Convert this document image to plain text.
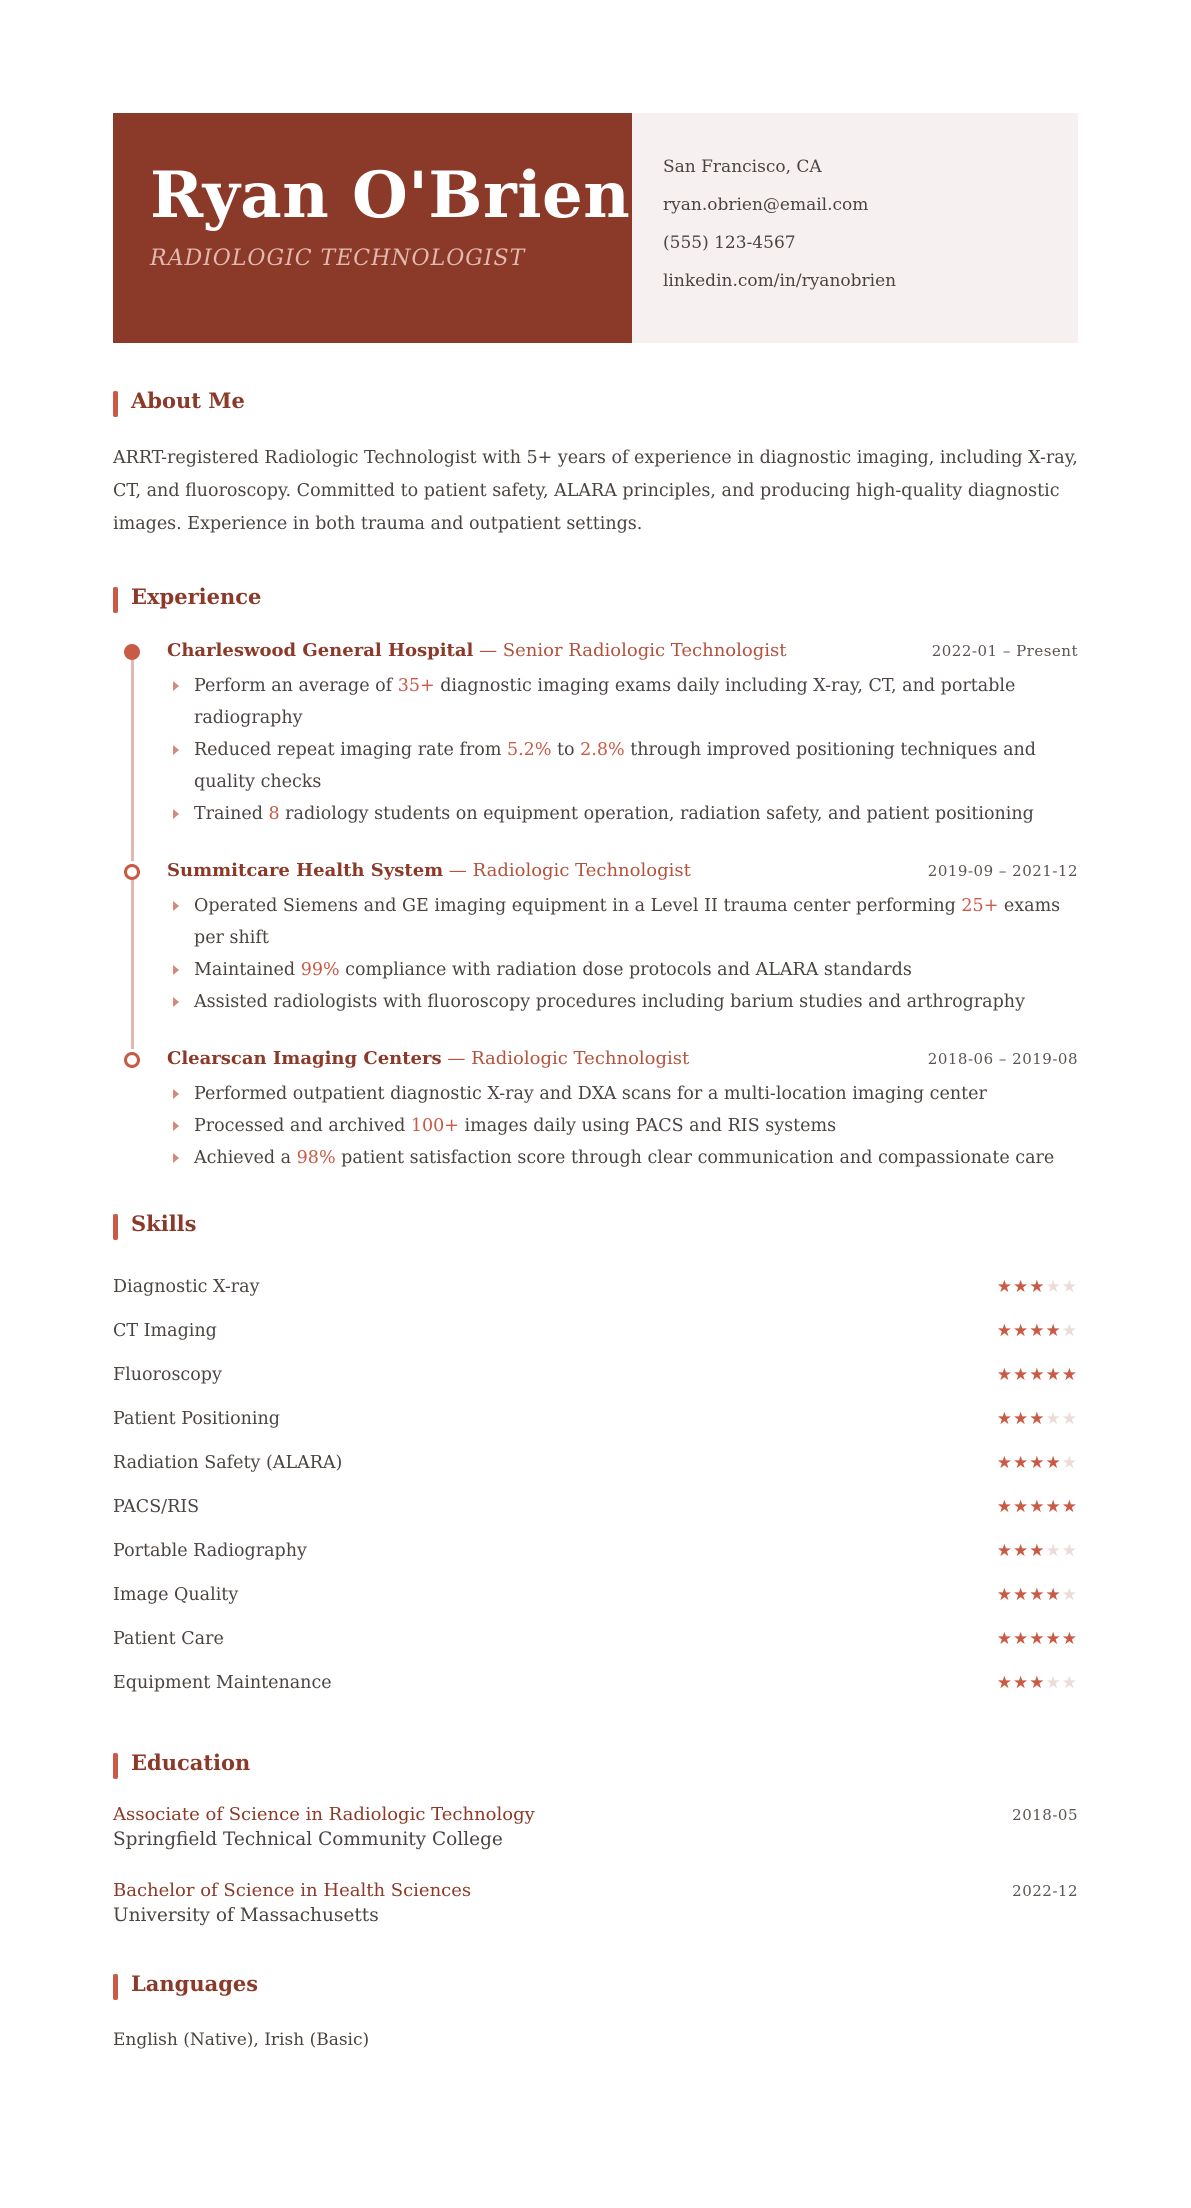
Ryan O'Brien
RADIOLOGIC TECHNOLOGIST
San Francisco, CA
ryan.obrien@email.com
(555) 123-4567
linkedin.com/in/ryanobrien
About Me
ARRT-registered Radiologic Technologist with 5+ years of experience in diagnostic imaging, including X-ray, CT, and fluoroscopy. Committed to patient safety, ALARA principles, and producing high-quality diagnostic images. Experience in both trauma and outpatient settings.
Experience
Charleswood General Hospital — Senior Radiologic Technologist	2022-01 – Present
Perform an average of 35+ diagnostic imaging exams daily including X-ray, CT, and portable radiography
Reduced repeat imaging rate from 5.2% to 2.8% through improved positioning techniques and quality checks
Trained 8 radiology students on equipment operation, radiation safety, and patient positioning
Summitcare Health System — Radiologic Technologist	2019-09 – 2021-12
Operated Siemens and GE imaging equipment in a Level II trauma center performing 25+ exams per shift
Maintained 99% compliance with radiation dose protocols and ALARA standards
Assisted radiologists with fluoroscopy procedures including barium studies and arthrography
Clearscan Imaging Centers — Radiologic Technologist	2018-06 – 2019-08
Performed outpatient diagnostic X-ray and DXA scans for a multi-location imaging center
Processed and archived 100+ images daily using PACS and RIS systems
Achieved a 98% patient satisfaction score through clear communication and compassionate care
Skills
Diagnostic X-ray	★★★★★
CT Imaging	★★★★★
Fluoroscopy	★★★★★
Patient Positioning	★★★★★
Radiation Safety (ALARA)	★★★★★
PACS/RIS	★★★★★
Portable Radiography	★★★★★
Image Quality	★★★★★
Patient Care	★★★★★
Equipment Maintenance	★★★★★
Education
Associate of Science in Radiologic Technology	2018-05
Springfield Technical Community College
Bachelor of Science in Health Sciences	2022-12
University of Massachusetts
Languages
English (Native), Irish (Basic)
